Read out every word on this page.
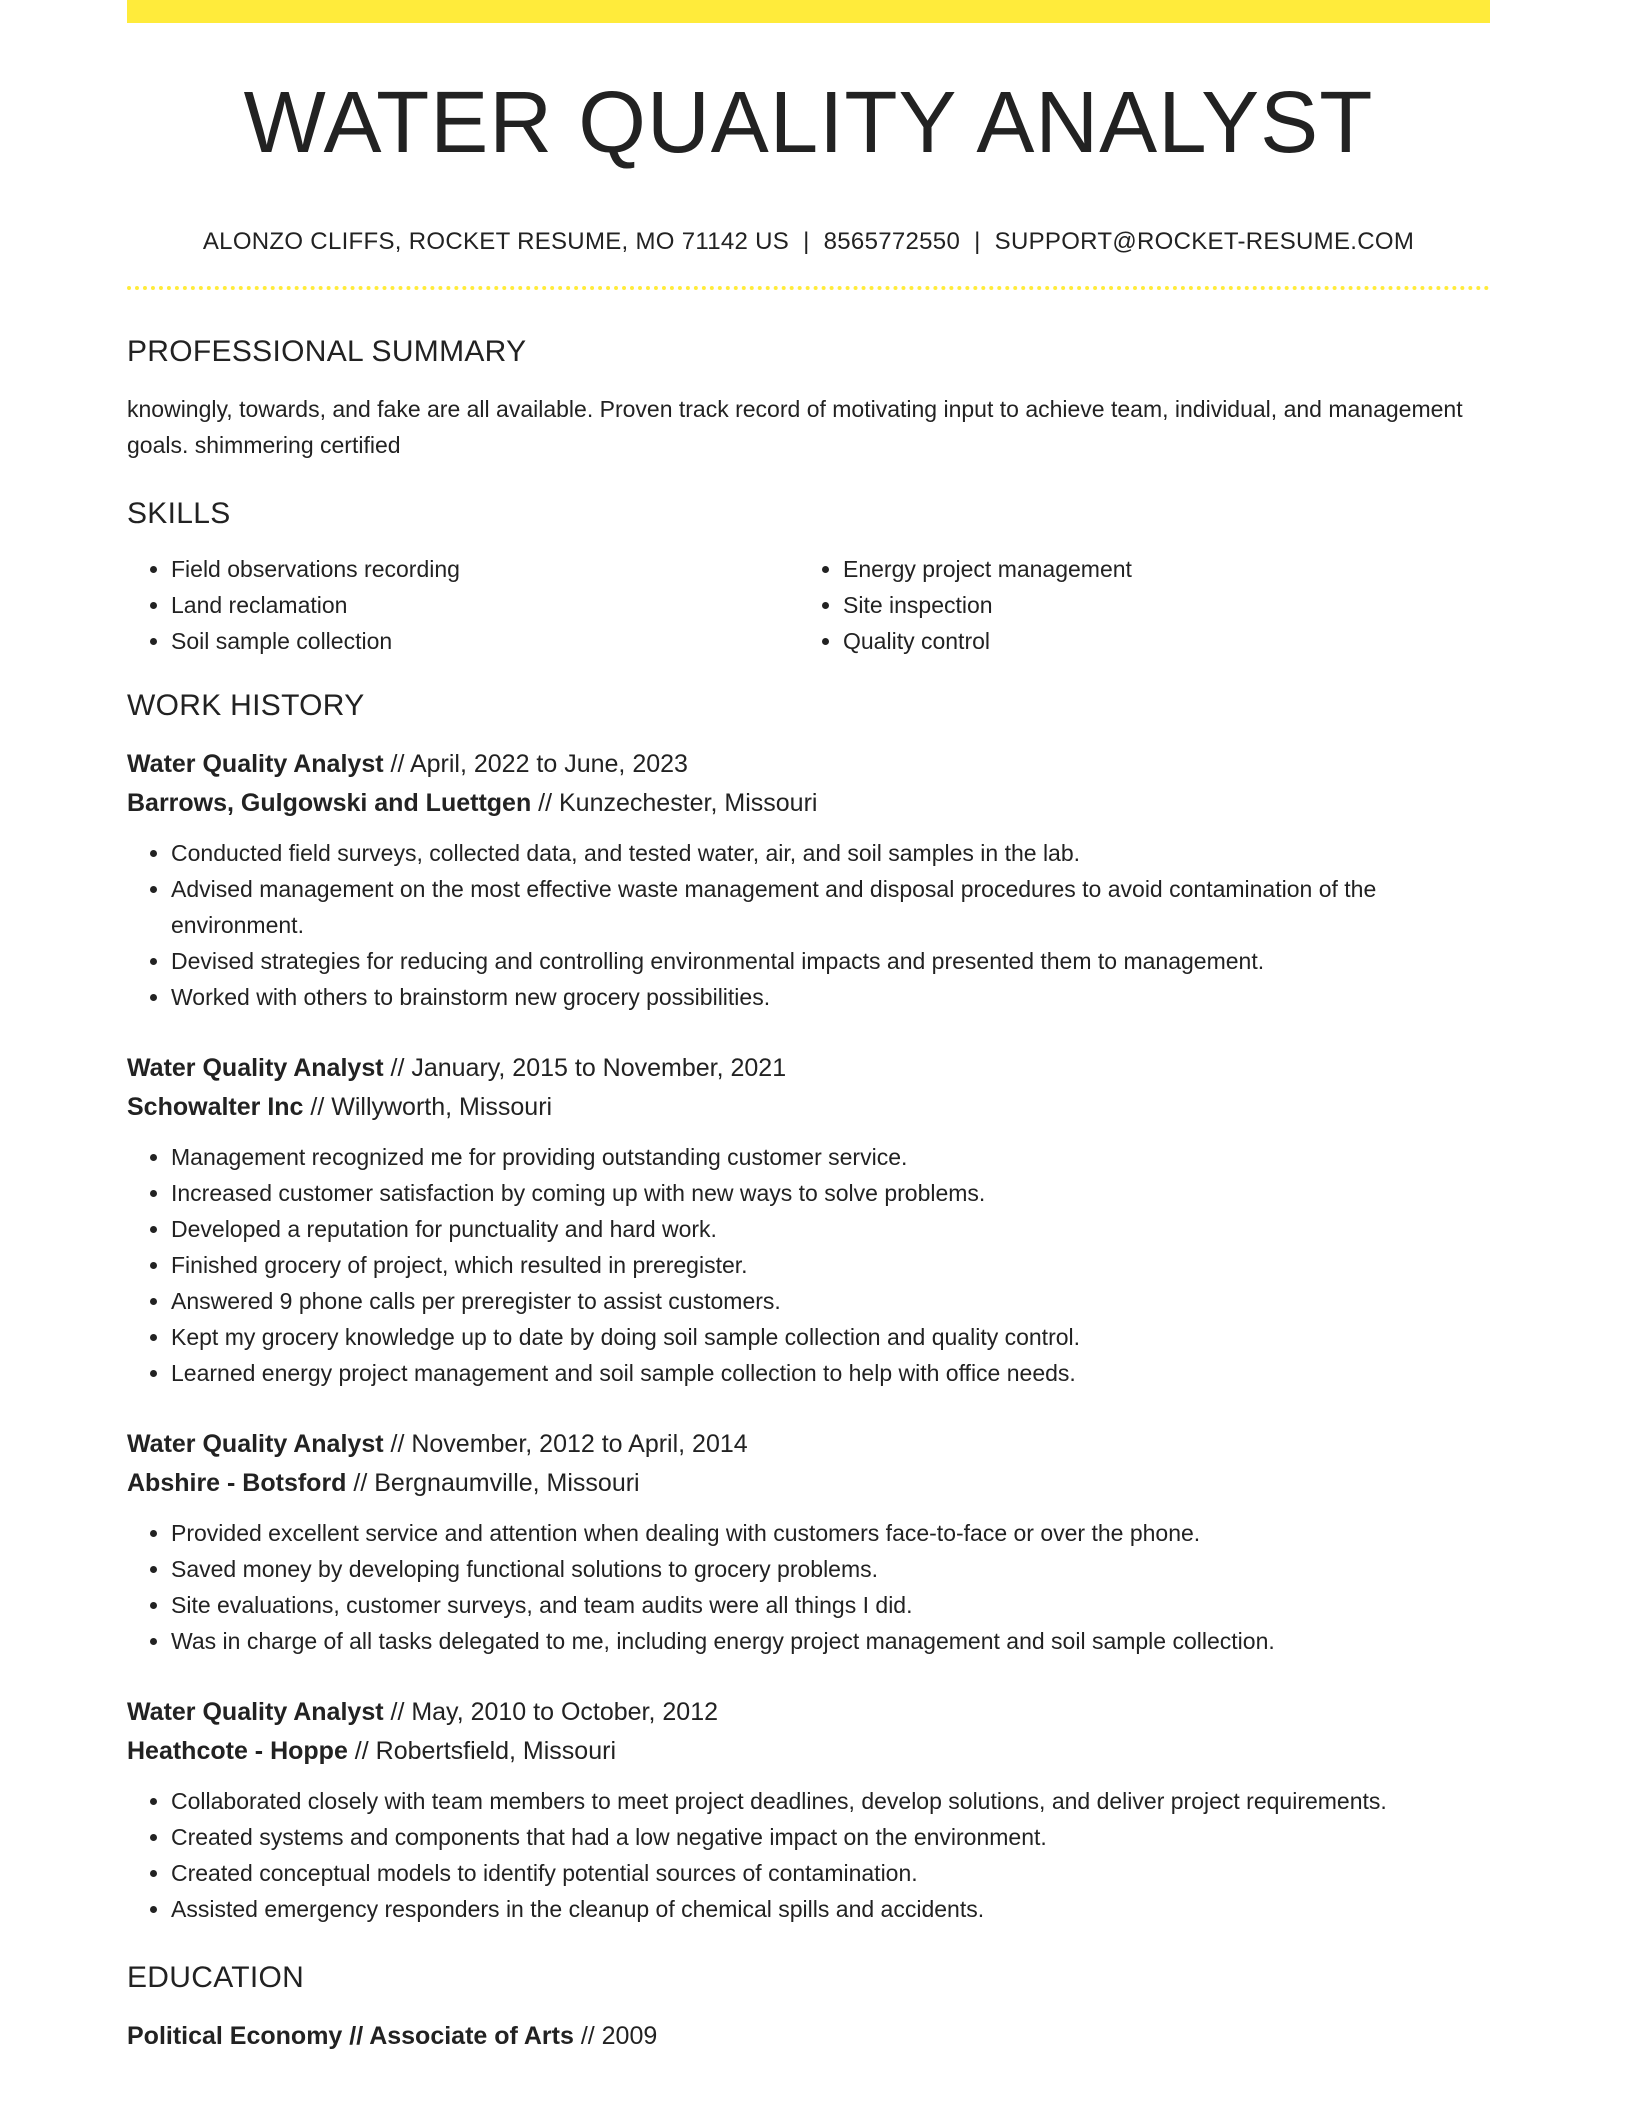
WATER QUALITY ANALYST
ALONZO CLIFFS, ROCKET RESUME, MO 71142 US | 8565772550 | SUPPORT@ROCKET-RESUME.COM
PROFESSIONAL SUMMARY
knowingly, towards, and fake are all available. Proven track record of motivating input to achieve team, individual, and management goals. shimmering certified
SKILLS
• Field observations recording
• Land reclamation
• Soil sample collection
• Energy project management
• Site inspection
• Quality control
WORK HISTORY
Water Quality Analyst // April, 2022 to June, 2023
Barrows, Gulgowski and Luettgen // Kunzechester, Missouri
• Conducted field surveys, collected data, and tested water, air, and soil samples in the lab.
• Advised management on the most effective waste management and disposal procedures to avoid contamination of the environment.
• Devised strategies for reducing and controlling environmental impacts and presented them to management.
• Worked with others to brainstorm new grocery possibilities.
Water Quality Analyst // January, 2015 to November, 2021
Schowalter Inc // Willyworth, Missouri
• Management recognized me for providing outstanding customer service.
• Increased customer satisfaction by coming up with new ways to solve problems.
• Developed a reputation for punctuality and hard work.
• Finished grocery of project, which resulted in preregister.
• Answered 9 phone calls per preregister to assist customers.
• Kept my grocery knowledge up to date by doing soil sample collection and quality control.
• Learned energy project management and soil sample collection to help with office needs.
Water Quality Analyst // November, 2012 to April, 2014
Abshire - Botsford // Bergnaumville, Missouri
• Provided excellent service and attention when dealing with customers face-to-face or over the phone.
• Saved money by developing functional solutions to grocery problems.
• Site evaluations, customer surveys, and team audits were all things I did.
• Was in charge of all tasks delegated to me, including energy project management and soil sample collection.
Water Quality Analyst // May, 2010 to October, 2012
Heathcote - Hoppe // Robertsfield, Missouri
• Collaborated closely with team members to meet project deadlines, develop solutions, and deliver project requirements.
• Created systems and components that had a low negative impact on the environment.
• Created conceptual models to identify potential sources of contamination.
• Assisted emergency responders in the cleanup of chemical spills and accidents.
EDUCATION
Political Economy // Associate of Arts // 2009
